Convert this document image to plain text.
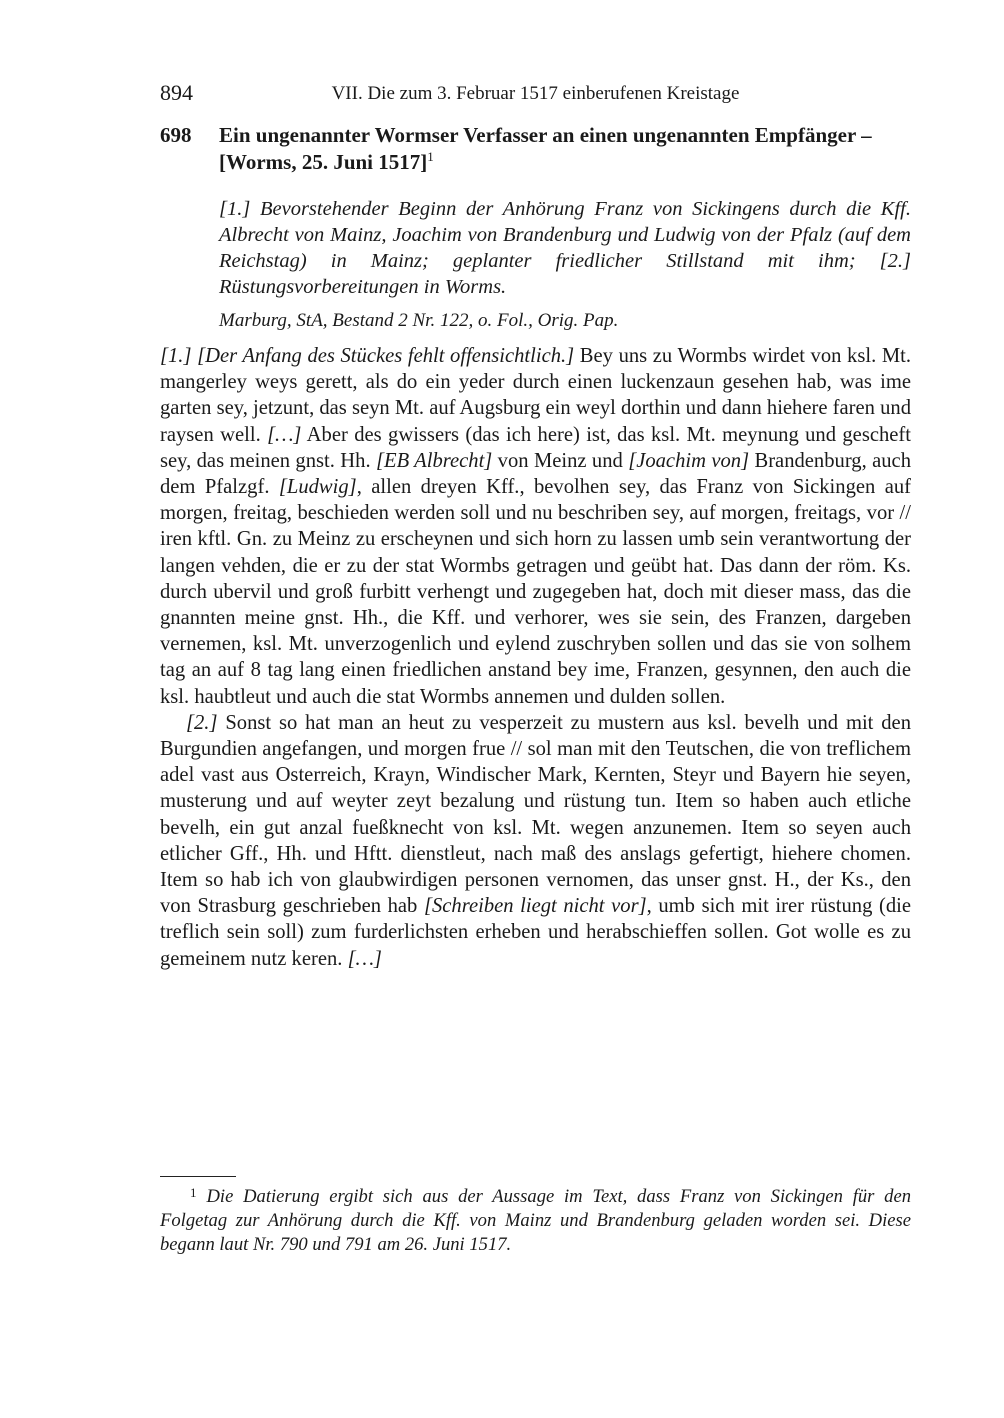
894	VII. Die zum 3. Februar 1517 einberufenen Kreistage
698 Ein ungenannter Wormser Verfasser an einen ungenannten Empfänger – [Worms, 25. Juni 1517]$^1$
[1.] Bevorstehender Beginn der Anhörung Franz von Sickingens durch die Kff. Albrecht von Mainz, Joachim von Brandenburg und Ludwig von der Pfalz (auf dem Reichstag) in Mainz; geplanter friedlicher Stillstand mit ihm; [2.] Rüstungsvorbereitungen in Worms.
Marburg, StA, Bestand 2 Nr. 122, o. Fol., Orig. Pap.

[1.] [Der Anfang des Stückes fehlt offensichtlich.] Bey uns zu Wormbs wirdet von ksl. Mt. mangerley weys gerett, als do ein yeder durch einen luckenzaun gesehen hab, was ime garten sey, jetzunt, das seyn Mt. auf Augsburg ein weyl dorthin und dann hiehere faren und raysen well. […] Aber des gwissers (das ich here) ist, das ksl. Mt. meynung und gescheft sey, das meinen gnst. Hh. [EB Albrecht] von Meinz und [Joachim von] Brandenburg, auch dem Pfalzgf. [Ludwig], allen dreyen Kff., bevolhen sey, das Franz von Sickingen auf morgen, freitag, beschieden werden soll und nu beschriben sey, auf morgen, freitags, vor // iren kftl. Gn. zu Meinz zu erscheynen und sich horn zu lassen umb sein verantwortung der langen vehden, die er zu der stat Wormbs getragen und geübt hat. Das dann der röm. Ks. durch ubervil und groß furbitt verhengt und zugegeben hat, doch mit dieser mass, das die gnannten meine gnst. Hh., die Kff. und verhorer, wes sie sein, des Franzen, dargeben vernemen, ksl. Mt. unverzogenlich und eylend zuschryben sollen und das sie von solhem tag an auf 8 tag lang einen friedlichen anstand bey ime, Franzen, gesynnen, den auch die ksl. haubtleut und auch die stat Wormbs annemen und dulden sollen.

[2.] Sonst so hat man an heut zu vesperzeit zu mustern aus ksl. bevelh und mit den Burgundien angefangen, und morgen frue // sol man mit den Teutschen, die von treflichem adel vast aus Osterreich, Krayn, Windischer Mark, Kernten, Steyr und Bayern hie seyen, musterung und auf weyter zeyt bezalung und rüstung tun. Item so haben auch etliche bevelh, ein gut anzal fueßknecht von ksl. Mt. wegen anzunemen. Item so seyen auch etlicher Gff., Hh. und Hftt. dienstleut, nach maß des anslags gefertigt, hiehere chomen. Item so hab ich von glaubwirdigen personen vernomen, das unser gnst. H., der Ks., den von Strasburg geschrieben hab [Schreiben liegt nicht vor], umb sich mit irer rüstung (die treflich sein soll) zum furderlichsten erheben und herabschieffen sollen. Got wolle es zu gemeinem nutz keren. […]

$^1$ Die Datierung ergibt sich aus der Aussage im Text, dass Franz von Sickingen für den Folgetag zur Anhörung durch die Kff. von Mainz und Brandenburg geladen worden sei. Diese begann laut Nr. 790 und 791 am 26. Juni 1517.
